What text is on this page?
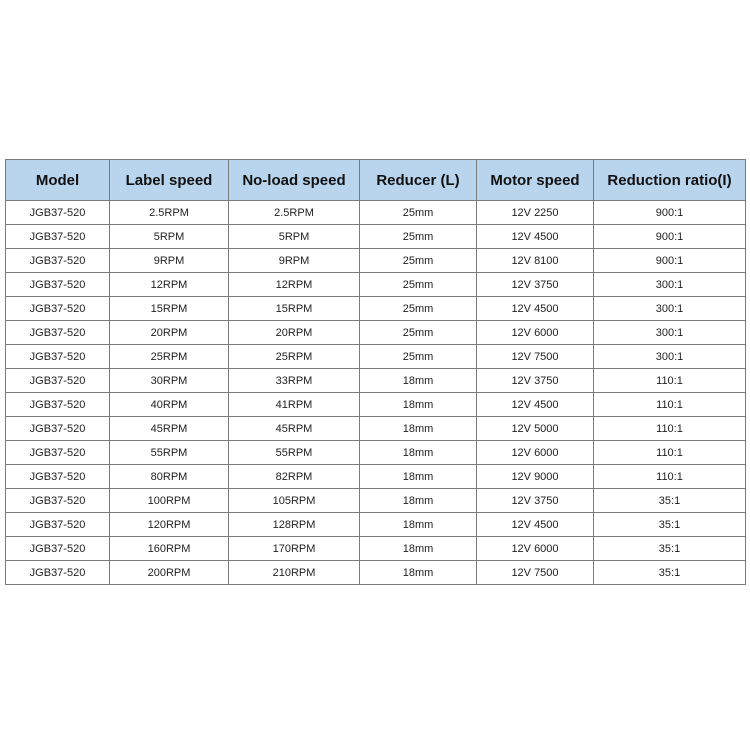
Model	Label speed	No-load speed	Reducer (L)	Motor speed	Reduction ratio(I)
JGB37-520	2.5RPM	2.5RPM	25mm	12V 2250	900:1
JGB37-520	5RPM	5RPM	25mm	12V 4500	900:1
JGB37-520	9RPM	9RPM	25mm	12V 8100	900:1
JGB37-520	12RPM	12RPM	25mm	12V 3750	300:1
JGB37-520	15RPM	15RPM	25mm	12V 4500	300:1
JGB37-520	20RPM	20RPM	25mm	12V 6000	300:1
JGB37-520	25RPM	25RPM	25mm	12V 7500	300:1
JGB37-520	30RPM	33RPM	18mm	12V 3750	110:1
JGB37-520	40RPM	41RPM	18mm	12V 4500	110:1
JGB37-520	45RPM	45RPM	18mm	12V 5000	110:1
JGB37-520	55RPM	55RPM	18mm	12V 6000	110:1
JGB37-520	80RPM	82RPM	18mm	12V 9000	110:1
JGB37-520	100RPM	105RPM	18mm	12V 3750	35:1
JGB37-520	120RPM	128RPM	18mm	12V 4500	35:1
JGB37-520	160RPM	170RPM	18mm	12V 6000	35:1
JGB37-520	200RPM	210RPM	18mm	12V 7500	35:1
